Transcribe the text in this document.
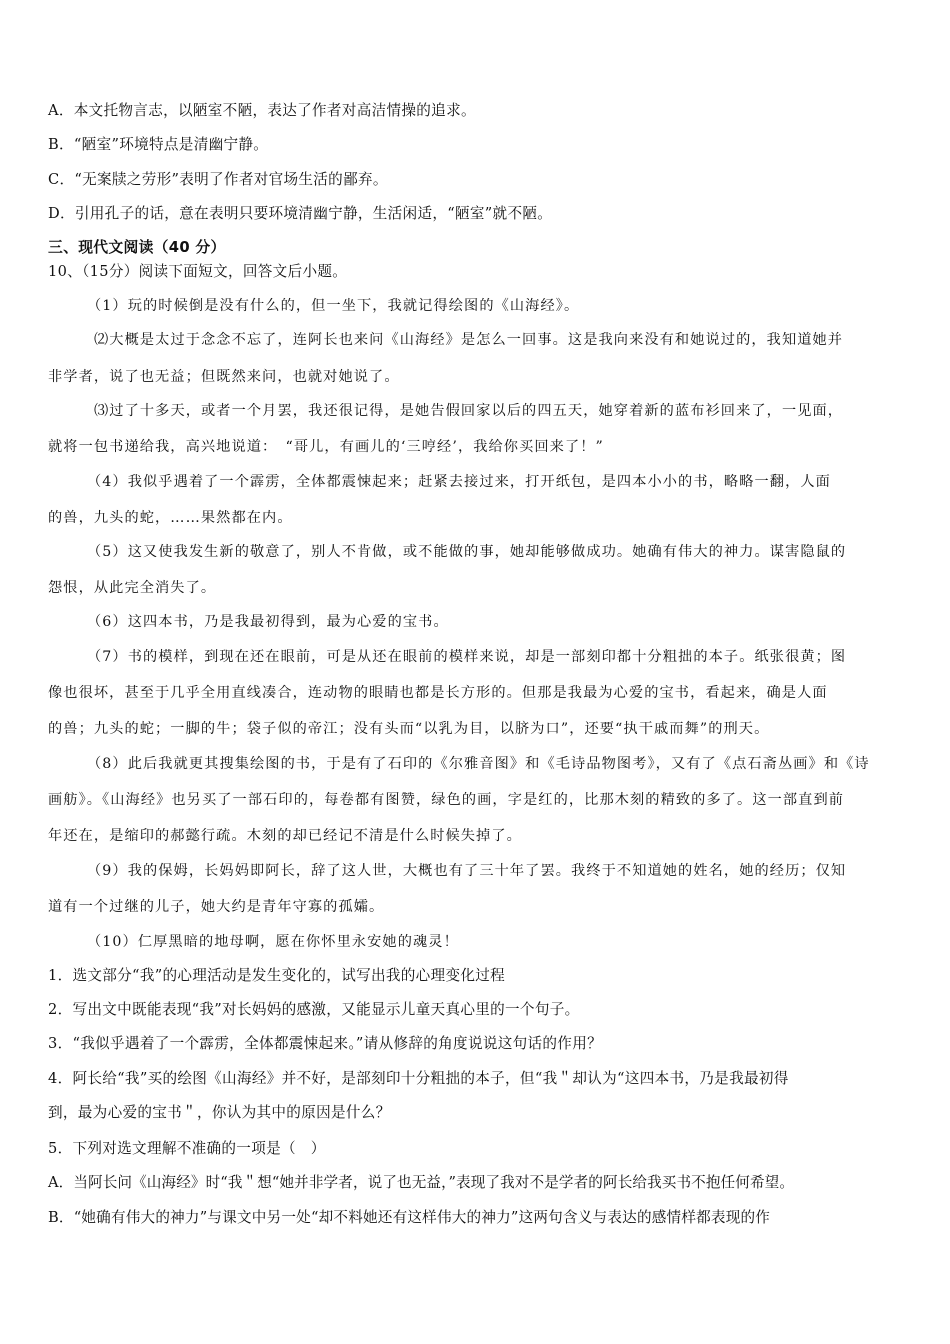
A．本文托物言志，以陋室不陋，表达了作者对高洁情操的追求。
B．“陋室”环境特点是清幽宁静。
C．“无案牍之劳形”表明了作者对官场生活的鄙弃。
D．引用孔子的话，意在表明只要环境清幽宁静，生活闲适，“陋室”就不陋。
三、现代文阅读（40 分）
10、（15分）阅读下面短文，回答文后小题。
（1）玩的时候倒是没有什么的，但一坐下，我就记得绘图的《山海经》。
⑵大概是太过于念念不忘了，连阿长也来问《山海经》是怎么一回事。这是我向来没有和她说过的，我知道她并
非学者，说了也无益；但既然来问，也就对她说了。
⑶过了十多天，或者一个月罢，我还很记得，是她告假回家以后的四五天，她穿着新的蓝布衫回来了，一见面，
就将一包书递给我，高兴地说道：　“哥儿，有画儿的‘三哼经’，我给你买回来了！”
（4）我似乎遇着了一个霹雳，全体都震悚起来；赶紧去接过来，打开纸包，是四本小小的书，略略一翻，人面
的兽，九头的蛇，……果然都在内。
（5）这又使我发生新的敬意了，别人不肯做，或不能做的事，她却能够做成功。她确有伟大的神力。谋害隐鼠的
怨恨，从此完全消失了。
（6）这四本书，乃是我最初得到，最为心爱的宝书。
（7）书的模样，到现在还在眼前，可是从还在眼前的模样来说，却是一部刻印都十分粗拙的本子。纸张很黄；图
像也很坏，甚至于几乎全用直线凑合，连动物的眼睛也都是长方形的。但那是我最为心爱的宝书，看起来，确是人面
的兽；九头的蛇；一脚的牛；袋子似的帝江；没有头而“以乳为目，以脐为口”，还要“执干戚而舞”的刑天。
（8）此后我就更其搜集绘图的书，于是有了石印的《尔雅音图》和《毛诗品物图考》，又有了《点石斋丛画》和《诗
画舫》。《山海经》也另买了一部石印的，每卷都有图赞，绿色的画，字是红的，比那木刻的精致的多了。这一部直到前
年还在，是缩印的郝懿行疏。木刻的却已经记不清是什么时候失掉了。
（9）我的保姆，长妈妈即阿长，辞了这人世，大概也有了三十年了罢。我终于不知道她的姓名，她的经历；仅知
道有一个过继的儿子，她大约是青年守寡的孤孀。
（10）仁厚黑暗的地母啊，愿在你怀里永安她的魂灵！
1．选文部分“我”的心理活动是发生变化的，试写出我的心理变化过程
2．写出文中既能表现“我”对长妈妈的感激，又能显示儿童天真心里的一个句子。
3．“我似乎遇着了一个霹雳，全体都震悚起来。”请从修辞的角度说说这句话的作用？
4．阿长给“我”买的绘图《山海经》并不好，是部刻印十分粗拙的本子，但“我＂却认为“这四本书，乃是我最初得
到，最为心爱的宝书＂，你认为其中的原因是什么？
5．下列对选文理解不准确的一项是（　）
A．当阿长问《山海经》时“我＂想“她并非学者，说了也无益，”表现了我对不是学者的阿长给我买书不抱任何希望。
B．“她确有伟大的神力”与课文中另一处“却不料她还有这样伟大的神力”这两句含义与表达的感情样都表现的作
